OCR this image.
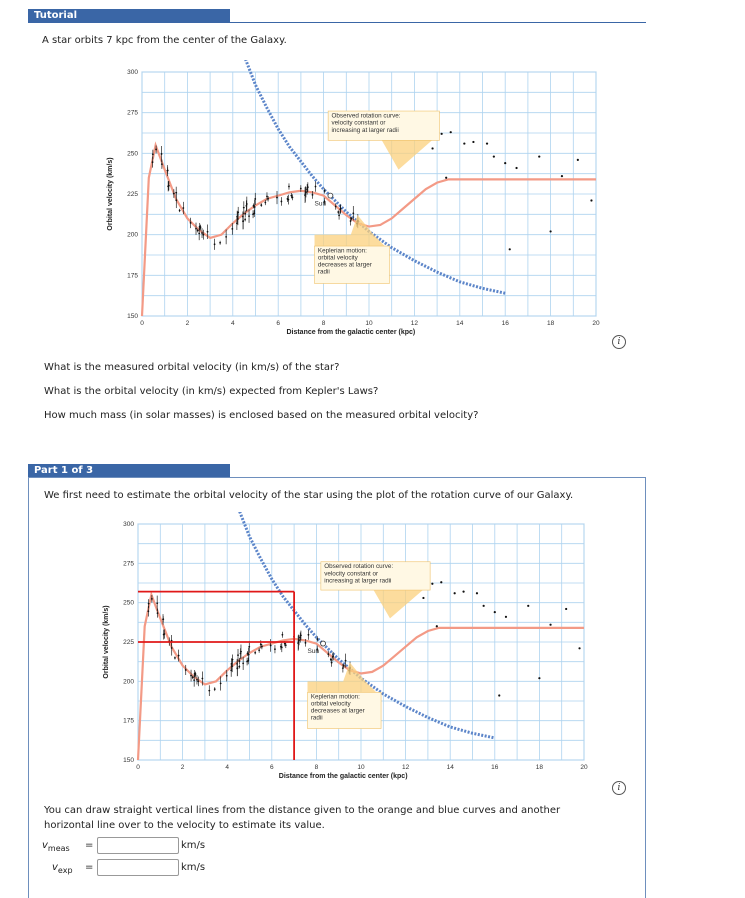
Tutorial
A star orbits 7 kpc from the center of the Galaxy.
0	2	4	6	8	10	12	14	16	18	20
150
175
200
225
250
275
300
Distance from the galactic center (kpc)
Orbital velocity (km/s)	Sun
Observed rotation curve:
velocity constant or
increasing at larger radii
Keplerian motion:
orbital velocity
decreases at larger
radii
i
What is the measured orbital velocity (in km/s) of the star?
What is the orbital velocity (in km/s) expected from Kepler's Laws?
How much mass (in solar masses) is enclosed based on the measured orbital velocity?
Part 1 of 3
We first need to estimate the orbital velocity of the star using the plot of the rotation curve of our Galaxy.
0	2	4	6	8	10	12	14	16	18	20
150
175
200
225
250
275
300
Distance from the galactic center (kpc)
Orbital velocity (km/s)	Sun
Observed rotation curve:
velocity constant or
increasing at larger radii
Keplerian motion:
orbital velocity
decreases at larger
radii
i
You can draw straight vertical lines from the distance given to the orange and blue curves and another
horizontal line over to the velocity to estimate its value.
$v_{meas}$ =	km/s
$v_{exp}$ =	km/s
